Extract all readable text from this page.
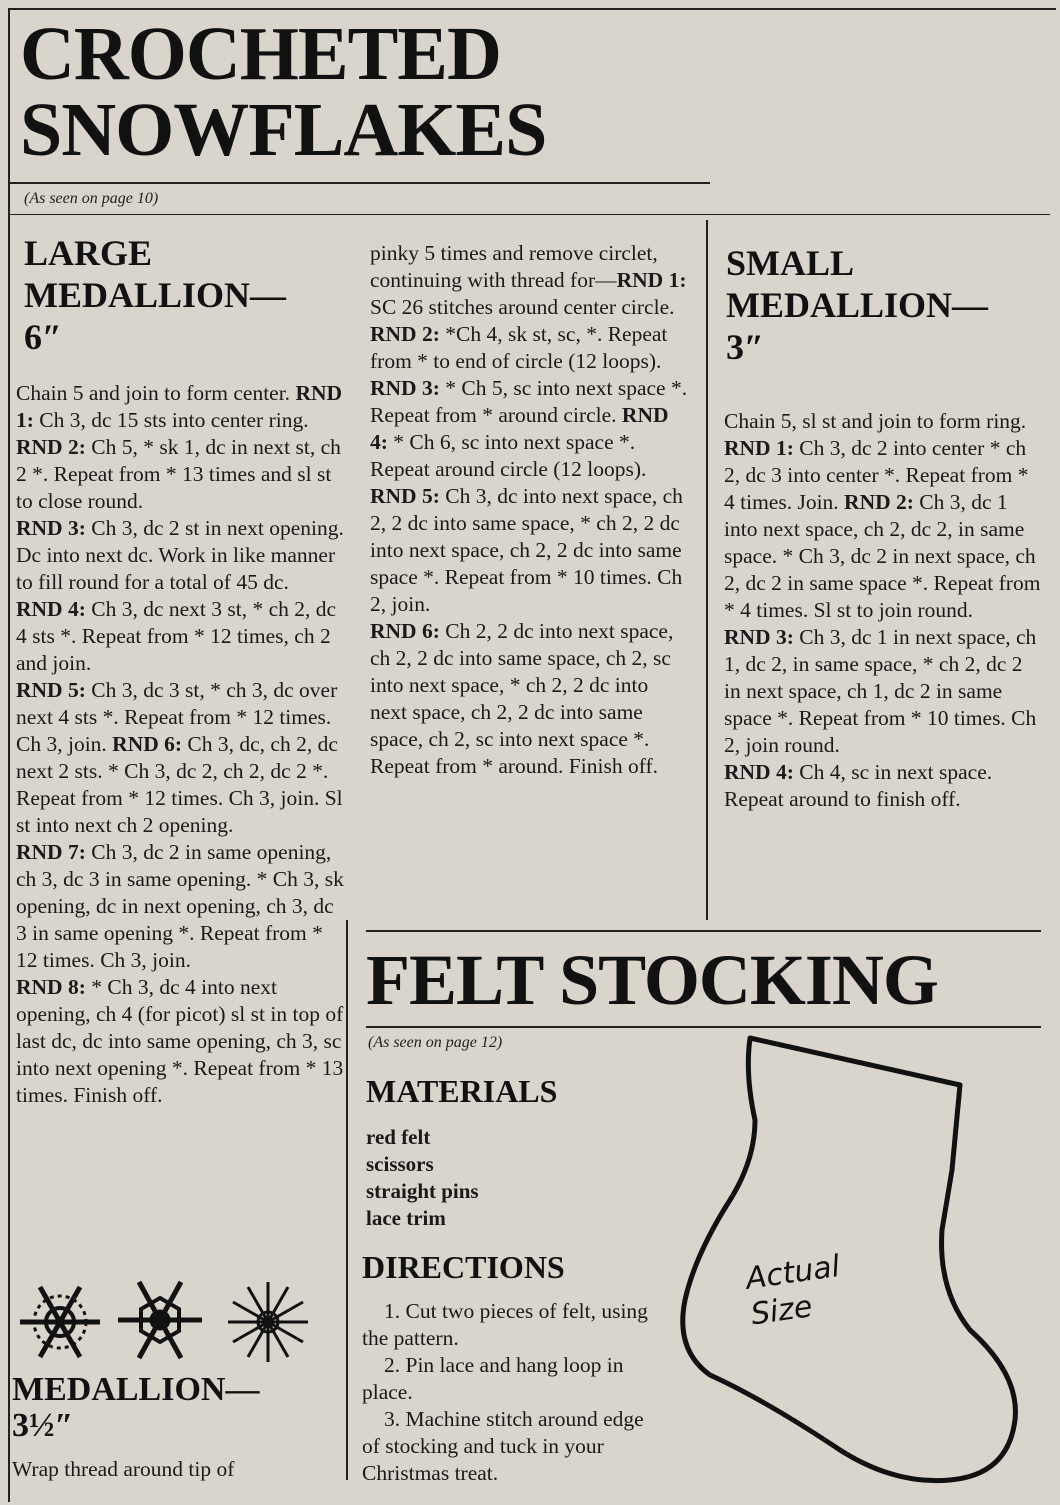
CROCHETED
SNOWFLAKES
(As seen on page 10)
LARGE
MEDALLION—
6″
Chain 5 and join to form center. RND 1: Ch 3, dc 15 sts into center ring. RND 2: Ch 5, * sk 1, dc in next st, ch 2 *. Repeat from * 13 times and sl st to close round.
RND 3: Ch 3, dc 2 st in next opening. Dc into next dc. Work in like manner to fill round for a total of 45 dc.
RND 4: Ch 3, dc next 3 st, * ch 2, dc 4 sts *. Repeat from * 12 times, ch 2 and join.
RND 5: Ch 3, dc 3 st, * ch 3, dc over next 4 sts *. Repeat from * 12 times. Ch 3, join. RND 6: Ch 3, dc, ch 2, dc next 2 sts. * Ch 3, dc 2, ch 2, dc 2 *. Repeat from * 12 times. Ch 3, join. Sl st into next ch 2 opening.
RND 7: Ch 3, dc 2 in same opening, ch 3, dc 3 in same opening. * Ch 3, sk opening, dc in next opening, ch 3, dc 3 in same opening *. Repeat from * 12 times. Ch 3, join.
RND 8: * Ch 3, dc 4 into next opening, ch 4 (for picot) sl st in top of last dc, dc into same opening, ch 3, sc into next opening *. Repeat from * 13 times. Finish off.
MEDALLION—
3½″
Wrap thread around tip of
pinky 5 times and remove circlet, continuing with thread for—RND 1: SC 26 stitches around center circle. RND 2: *Ch 4, sk st, sc, *. Repeat from * to end of circle (12 loops). RND 3: * Ch 5, sc into next space *. Repeat from * around circle. RND 4: * Ch 6, sc into next space *. Repeat around circle (12 loops). RND 5: Ch 3, dc into next space, ch 2, 2 dc into same space, * ch 2, 2 dc into next space, ch 2, 2 dc into same space *. Repeat from * 10 times. Ch 2, join.
RND 6: Ch 2, 2 dc into next space, ch 2, 2 dc into same space, ch 2, sc into next space, * ch 2, 2 dc into next space, ch 2, 2 dc into same space, ch 2, sc into next space *. Repeat from * around. Finish off.
SMALL
MEDALLION—
3″
Chain 5, sl st and join to form ring. RND 1: Ch 3, dc 2 into center * ch 2, dc 3 into center *. Repeat from * 4 times. Join. RND 2: Ch 3, dc 1 into next space, ch 2, dc 2, in same space. * Ch 3, dc 2 in next space, ch 2, dc 2 in same space *. Repeat from * 4 times. Sl st to join round.
RND 3: Ch 3, dc 1 in next space, ch 1, dc 2, in same space, * ch 2, dc 2 in next space, ch 1, dc 2 in same space *. Repeat from * 10 times. Ch 2, join round.
RND 4: Ch 4, sc in next space. Repeat around to finish off.
FELT STOCKING
(As seen on page 12)
MATERIALS
red felt
scissors
straight pins
lace trim
DIRECTIONS

1. Cut two pieces of felt, using the pattern.

2. Pin lace and hang loop in place.

3. Machine stitch around edge of stocking and tuck in your Christmas treat.

Actual
Size
